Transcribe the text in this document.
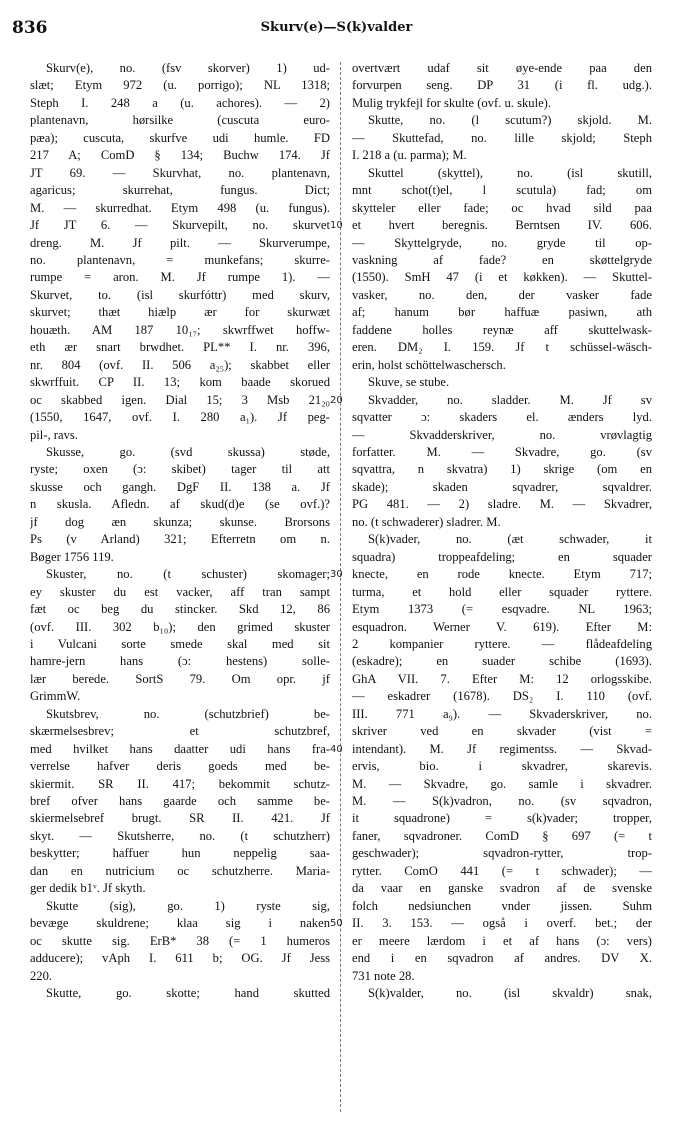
836	Skurv(e)—S(k)valder
Skurv(e), no. (fsv skorver) 1) ud-
slæt; Etym 972 (u. porrigo); NL 1318;
Steph I. 248 a (u. achores). — 2)
plantenavn, hørsilke (cuscuta euro-
pæa); cuscuta, skurfve udi humle. FD
217 A; ComD § 134; Buchw 174. Jf
JT 69. — Skurvhat, no. plantenavn,
agaricus; skurrehat, fungus. Dict;
M. — skurredhat. Etym 498 (u. fungus).
Jf JT 6. — Skurvepilt, no. skurvet
dreng. M. Jf pilt. — Skurverumpe,
no. plantenavn, = munkefans; skurre-
rumpe = aron. M. Jf rumpe 1). —
Skurvet, to. (isl skurfóttr) med skurv,
skurvet; thæt hiælp ær for skurwæt
houæth. AM 187 10₁₇; skwrffwet hoffw-
eth ær snart brwdhet. PL** I. nr. 396,
nr. 804 (ovf. II. 506 a₂₅); skabbet eller
skwrffuit. CP II. 13; kom baade skorued
oc skabbed igen. Dial 15; 3 Msb 21₂₀
(1550, 1647, ovf. I. 280 a₁). Jf peg-
pil-, ravs.
Skusse, go. (svd skussa) støde,
ryste; oxen (ɔ: skibet) tager til att
skusse och gangh. DgF II. 138 a. Jf
n skusla. Afledn. af skud(d)e (se ovf.)?
jf dog æn skunza; skunse. Brorsons
Ps (v Arland) 321; Efterretn om n.
Bøger 1756 119.
Skuster, no. (t schuster) skomager;
ey skuster du est vacker, aff tran sampt
fæt oc beg du stincker. Skd 12, 86
(ovf. III. 302 b₁₀); den grimed skuster
i Vulcani sorte smede skal med sit
hamre-jern hans (ɔ: hestens) solle-
lær berede. SortS 79. Om opr. jf
GrimmW.
Skutsbrev, no. (schutzbrief) be-
skærmelsesbrev; et schutzbref,
med hvilket hans daatter udi hans fra-
verrelse hafver deris goeds med be-
skiermit. SR II. 417; bekommit schutz-
bref ofver hans gaarde och samme be-
skiermelsebref brugt. SR II. 421. Jf
skyt. — Skutsherre, no. (t schutzherr)
beskytter; haffuer hun neppelig saa-
dan en nutricium oc schutzherre. Maria-
ger dedik b1ᵛ. Jf skyth.
Skutte (sig), go. 1) ryste sig,
bevæge skuldrene; klaa sig i naken
oc skutte sig. ErB* 38 (= 1 humeros
adducere); vAph I. 611 b; OG. Jf Jess
220.
Skutte, go. skotte; hand skutted
10
20
30
40
50
overtvært udaf sit øye-ende paa den
forvurpen seng. DP 31 (i fl. udg.).
Mulig trykfejl for skulte (ovf. u. skule).
Skutte, no. (l scutum?) skjold. M.
— Skuttefad, no. lille skjold; Steph
I. 218 a (u. parma); M.
Skuttel (skyttel), no. (isl skutill,
mnt schot(t)el, l scutula) fad; om
skytteler eller fade; oc hvad sild paa
et hvert beregnis. Berntsen IV. 606.
— Skyttelgryde, no. gryde til op-
vaskning af fade? en skøttelgryde
(1550). SmH 47 (i et køkken). — Skuttel-
vasker, no. den, der vasker fade
af; hanum bør haffuæ pasiwn, ath
faddene holles reynæ aff skuttelwask-
eren. DM₂ I. 159. Jf t schüssel-wäsch-
erin, holst schöttelwaschersch.
Skuve, se stube.
Skvadder, no. sladder. M. Jf sv
sqvatter ɔ: skaders el. ænders lyd.
— Skvadderskriver, no. vrøvlagtig
forfatter. M. — Skvadre, go. (sv
sqvattra, n skvatra) 1) skrige (om en
skade); skaden sqvadrer, sqvaldrer.
PG 481. — 2) sladre. M. — Skvadrer,
no. (t schwaderer) sladrer. M.
S(k)vader, no. (æt schwader, it
squadra) troppeafdeling; en squader
knecte, en rode knecte. Etym 717;
turma, et hold eller squader ryttere.
Etym 1373 (= esqvadre. NL 1963;
esquadron. Werner V. 619). Efter M:
2 kompanier ryttere. — flådeafdeling
(eskadre); en suader schibe (1693).
GhA VII. 7. Efter M: 12 orlogsskibe.
— eskadrer (1678). DS₂ I. 110 (ovf.
III. 771 a₉). — Skvaderskriver, no.
skriver ved en skvader (vist =
intendant). M. Jf regimentss. — Skvad-
ervis, bio. i skvadrer, skarevis.
M. — Skvadre, go. samle i skvadrer.
M. — S(k)vadron, no. (sv sqvadron,
it squadrone) = s(k)vader; tropper,
faner, sqvadroner. ComD § 697 (= t
geschwader); sqvadron-rytter, trop-
rytter. ComO 441 (= t schwader); —
da vaar en ganske svadron af de svenske
folch nedsiunchen vnder jissen. Suhm
II. 3. 153. — også i overf. bet.; der
er meere lærdom i et af hans (ɔ: vers)
end i en sqvadron af andres. DV X.
731 note 28.
S(k)valder, no. (isl skvaldr) snak,
